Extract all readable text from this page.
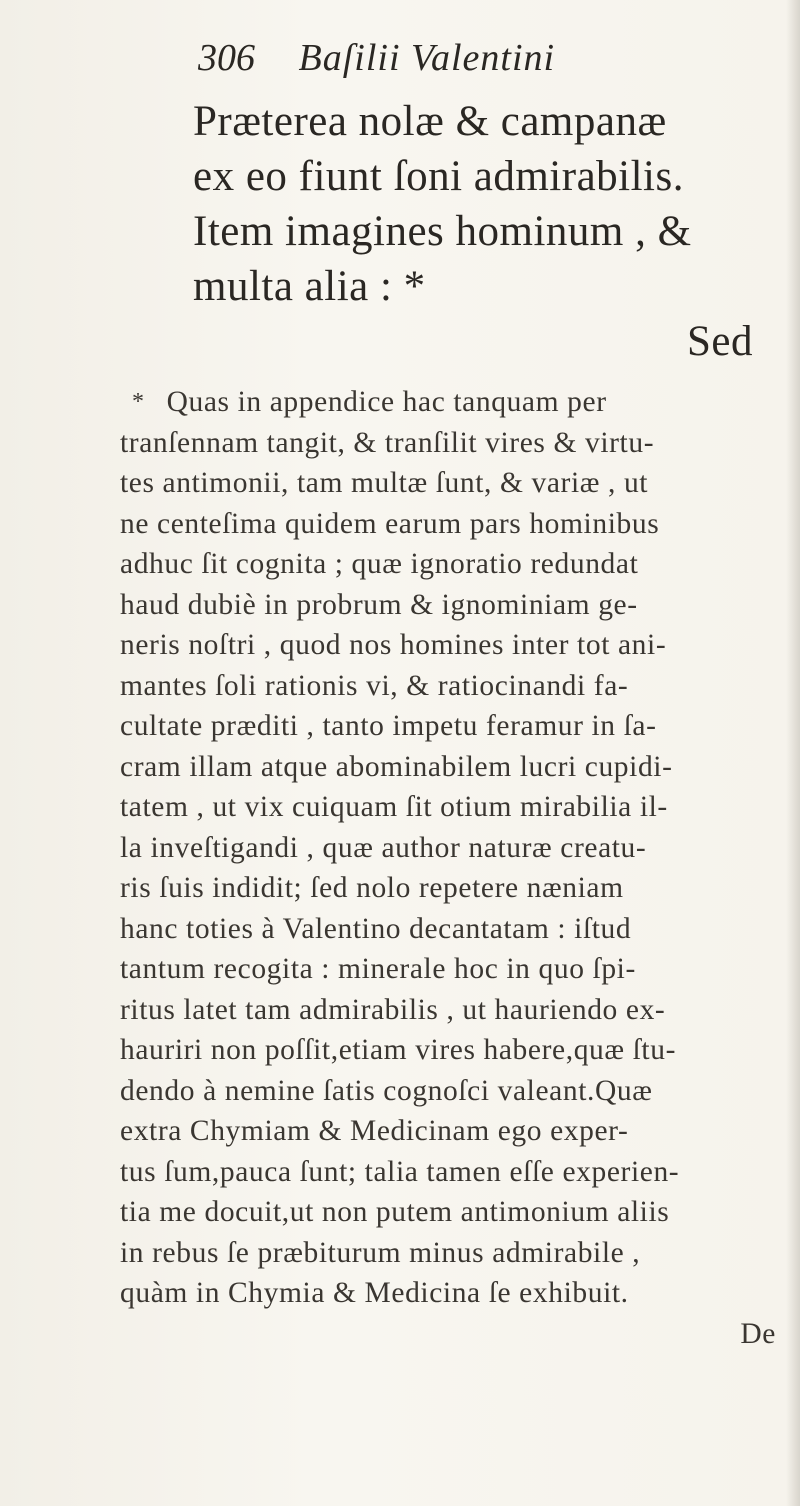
306 Baſilii Valentini
Præterea nolæ & campanæ
ex eo fiunt ſoni admirabilis.
Item imagines hominum , &
multa alia : *
Sed
* Quas in appendice hac tanquam per
tranſennam tangit, & tranſilit vires & virtu-
tes antimonii, tam multæ ſunt, & variæ , ut
ne centeſima quidem earum pars hominibus
adhuc ſit cognita ; quæ ignoratio redundat
haud dubiè in probrum & ignominiam ge-
neris noſtri , quod nos homines inter tot ani-
mantes ſoli rationis vi, & ratiocinandi fa-
cultate præditi , tanto impetu feramur in ſa-
cram illam atque abominabilem lucri cupidi-
tatem , ut vix cuiquam ſit otium mirabilia il-
la inveſtigandi , quæ author naturæ creatu-
ris ſuis indidit; ſed nolo repetere næniam
hanc toties à Valentino decantatam : iſtud
tantum recogita : minerale hoc in quo ſpi-
ritus latet tam admirabilis , ut hauriendo ex-
hauriri non poſſit,etiam vires habere,quæ ſtu-
dendo à nemine ſatis cognoſci valeant.Quæ
extra Chymiam & Medicinam ego exper-
tus ſum,pauca ſunt; talia tamen eſſe experien-
tia me docuit,ut non putem antimonium aliis
in rebus ſe præbiturum minus admirabile ,
quàm in Chymia & Medicina ſe exhibuit.
De
